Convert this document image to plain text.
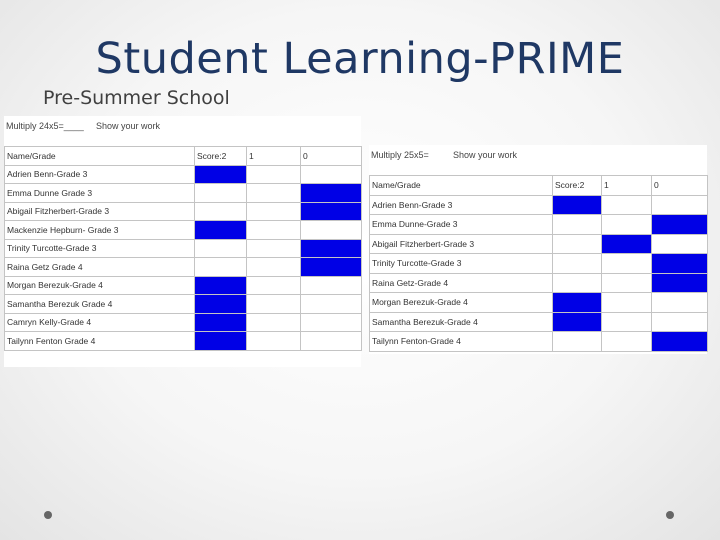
Student Learning-PRIME
Pre-Summer School
Multiply 24x5=____ Show your work
Name/Grade	Score:2	1	0
Adrien Benn-Grade 3			
Emma Dunne Grade 3			
Abigail Fitzherbert-Grade 3			
Mackenzie Hepburn- Grade 3			
Trinity Turcotte-Grade 3			
Raina Getz Grade 4			
Morgan Berezuk-Grade 4			
Samantha Berezuk Grade 4			
Camryn Kelly-Grade 4			
Tailynn Fenton Grade 4			
Multiply 25x5=	Show your work
Name/Grade	Score:2	1	0
Adrien Benn-Grade 3			
Emma Dunne-Grade 3			
Abigail Fitzherbert-Grade 3			
Trinity Turcotte-Grade 3			
Raina Getz-Grade 4			
Morgan Berezuk-Grade 4			
Samantha Berezuk-Grade 4			
Tailynn Fenton-Grade 4			
